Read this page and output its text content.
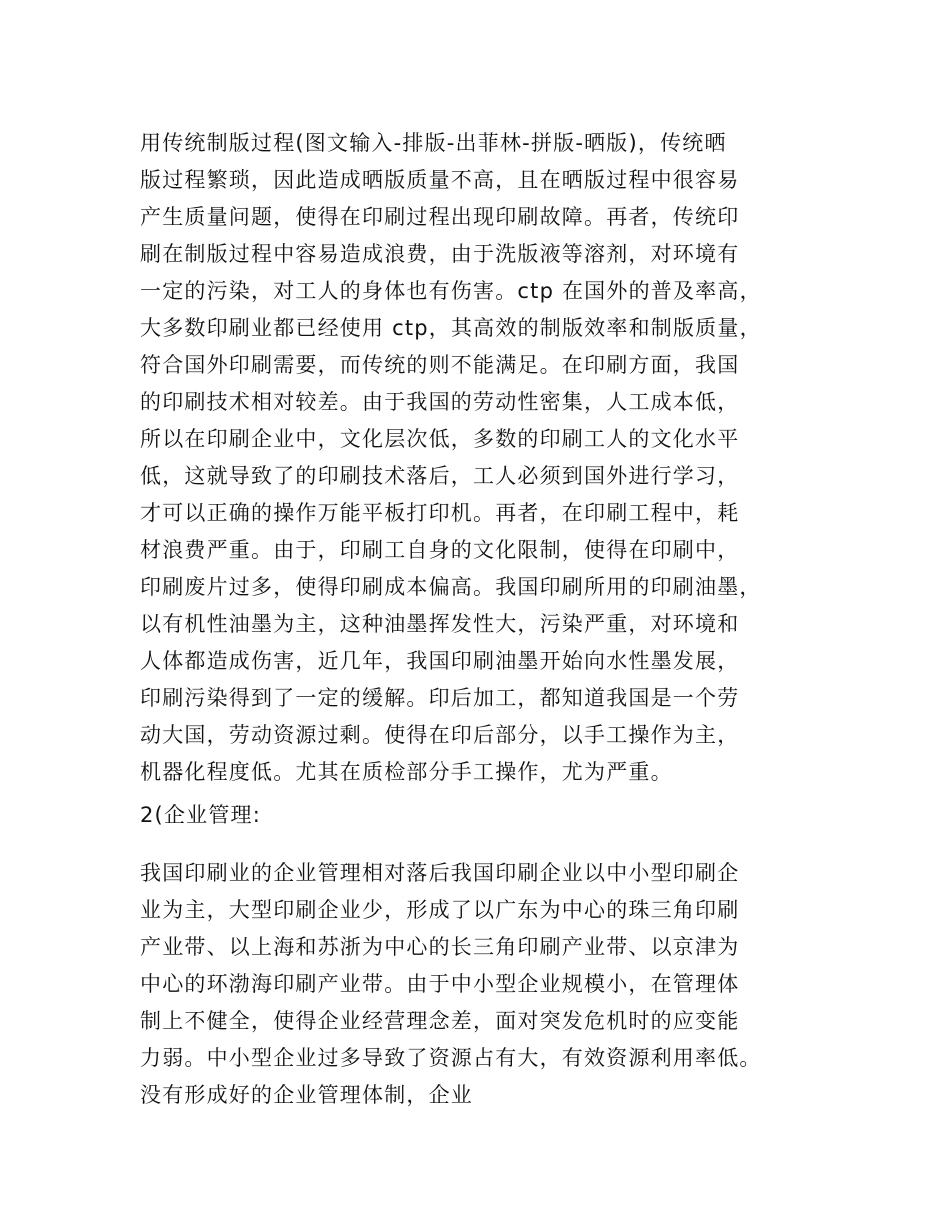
用传统制版过程(图文输入-排版-出菲林-拼版-晒版)，传统晒
版过程繁琐，因此造成晒版质量不高，且在晒版过程中很容易
产生质量问题，使得在印刷过程出现印刷故障。再者，传统印
刷在制版过程中容易造成浪费，由于洗版液等溶剂，对环境有
一定的污染，对工人的身体也有伤害。ctp 在国外的普及率高，
大多数印刷业都已经使用 ctp，其高效的制版效率和制版质量，
符合国外印刷需要，而传统的则不能满足。在印刷方面，我国
的印刷技术相对较差。由于我国的劳动性密集，人工成本低，
所以在印刷企业中，文化层次低，多数的印刷工人的文化水平
低，这就导致了的印刷技术落后，工人必须到国外进行学习，
才可以正确的操作万能平板打印机。再者，在印刷工程中，耗
材浪费严重。由于，印刷工自身的文化限制，使得在印刷中，
印刷废片过多，使得印刷成本偏高。我国印刷所用的印刷油墨，
以有机性油墨为主，这种油墨挥发性大，污染严重，对环境和
人体都造成伤害，近几年，我国印刷油墨开始向水性墨发展，
印刷污染得到了一定的缓解。印后加工，都知道我国是一个劳
动大国，劳动资源过剩。使得在印后部分，以手工操作为主，
机器化程度低。尤其在质检部分手工操作，尤为严重。
2(企业管理:
我国印刷业的企业管理相对落后我国印刷企业以中小型印刷企
业为主，大型印刷企业少，形成了以广东为中心的珠三角印刷
产业带、以上海和苏浙为中心的长三角印刷产业带、以京津为
中心的环渤海印刷产业带。由于中小型企业规模小，在管理体
制上不健全，使得企业经营理念差，面对突发危机时的应变能
力弱。中小型企业过多导致了资源占有大，有效资源利用率低。
没有形成好的企业管理体制，企业
